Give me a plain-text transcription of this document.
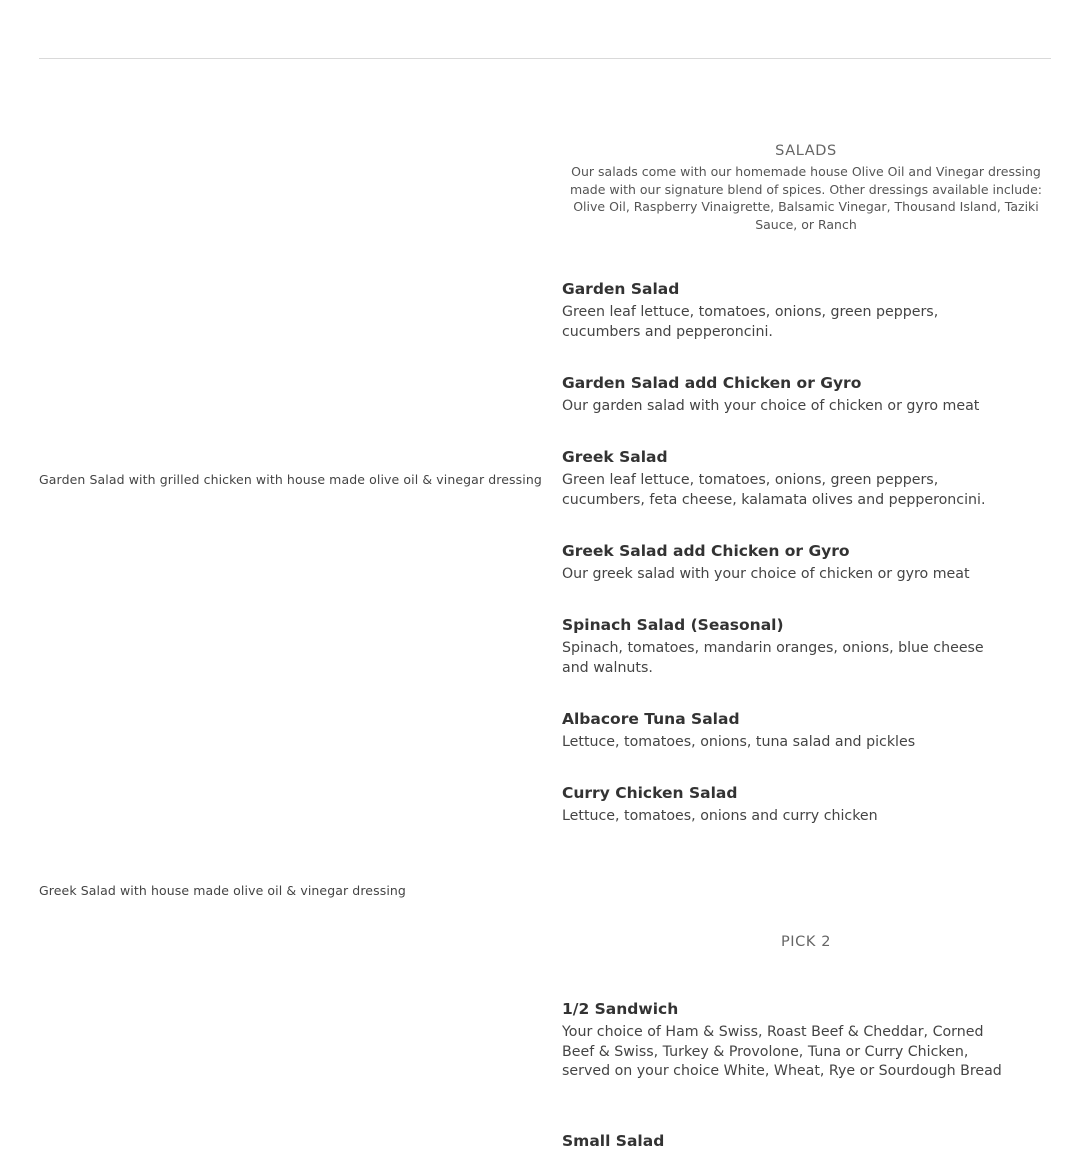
Garden Salad with grilled chicken with house made olive oil & vinegar dressing
Greek Salad with house made olive oil & vinegar dressing
SALADS
Our salads come with our homemade house Olive Oil and Vinegar dressing made with our signature blend of spices. Other dressings available include: Olive Oil, Raspberry Vinaigrette, Balsamic Vinegar, Thousand Island, Taziki Sauce, or Ranch
Garden Salad
Green leaf lettuce, tomatoes, onions, green peppers, cucumbers and pepperoncini.
Garden Salad add Chicken or Gyro
Our garden salad with your choice of chicken or gyro meat
Greek Salad
Green leaf lettuce, tomatoes, onions, green peppers, cucumbers, feta cheese, kalamata olives and pepperoncini.
Greek Salad add Chicken or Gyro
Our greek salad with your choice of chicken or gyro meat
Spinach Salad (Seasonal)
Spinach, tomatoes, mandarin oranges, onions, blue cheese and walnuts.
Albacore Tuna Salad
Lettuce, tomatoes, onions, tuna salad and pickles
Curry Chicken Salad
Lettuce, tomatoes, onions and curry chicken
PICK 2
1/2 Sandwich
Your choice of Ham & Swiss, Roast Beef & Cheddar, Corned Beef & Swiss, Turkey & Provolone, Tuna or Curry Chicken, served on your choice White, Wheat, Rye or Sourdough Bread
Small Salad
